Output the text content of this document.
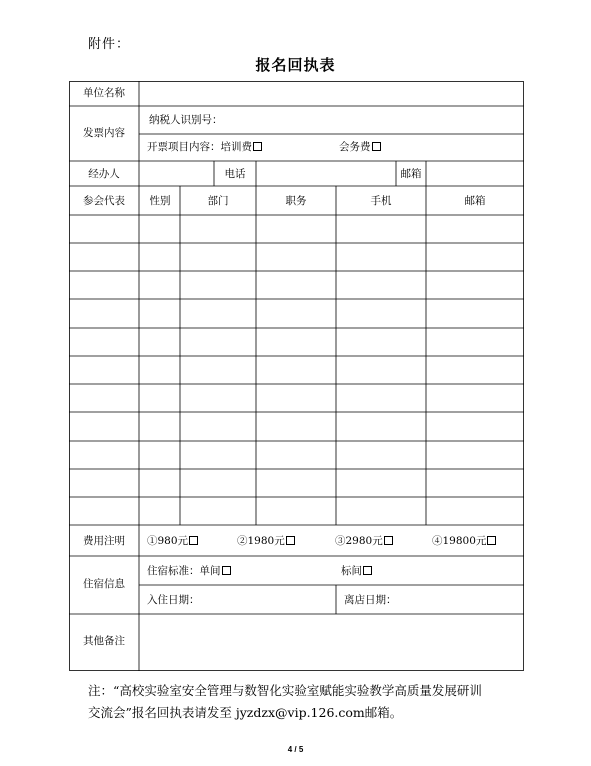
附件：
报名回执表
单位名称
发票内容
纳税人识别号：
开票项目内容：培训费	会务费
经办人	电话	邮箱
参会代表 性别	部门	职务	手机	邮箱
费用注明 ①980元	②1980元	③2980元	④19800元
住宿信息
住宿标准：单间	标间
入住日期：	离店日期：
其他备注
注：“高校实验室安全管理与数智化实验室赋能实验教学高质量发展研训
交流会”报名回执表请发至 jyzdzx@vip.126.com邮箱。
4 / 5
